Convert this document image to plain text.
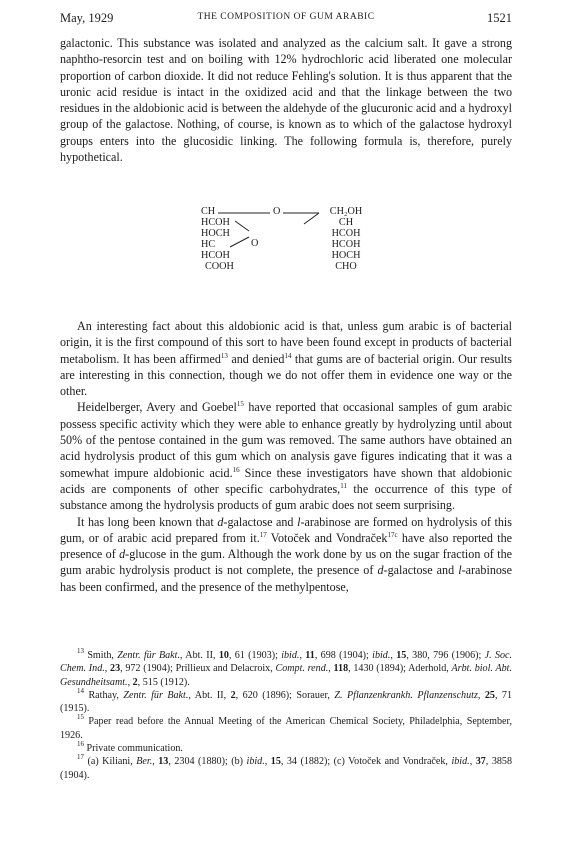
May, 1929	THE COMPOSITION OF GUM ARABIC	1521

galactonic. This substance was isolated and analyzed as the calcium salt. It gave a strong naphtho-resorcin test and on boiling with 12% hydrochloric acid liberated one molecular proportion of carbon dioxide. It did not reduce Fehling's solution. It is thus apparent that the uronic acid residue is intact in the oxidized acid and that the linkage between the two residues in the aldobionic acid is between the aldehyde of the glucuronic acid and a hydroxyl group of the galactose. Nothing, of course, is known as to which of the galactose hydroxyl groups enters into the glucosidic linking. The following formula is, therefore, purely hypothetical.

CH
HCOH
HOCH
HC
HCOH
COOH
O
O
CH₂OH
CH
HCOH
HCOH
HOCH
CHO

An interesting fact about this aldobionic acid is that, unless gum arabic is of bacterial origin, it is the first compound of this sort to have been found except in products of bacterial metabolism. It has been affirmed$^{13}$ and denied$^{14}$ that gums are of bacterial origin. Our results are interesting in this connection, though we do not offer them in evidence one way or the other.

Heidelberger, Avery and Goebel$^{15}$ have reported that occasional samples of gum arabic possess specific activity which they were able to enhance greatly by hydrolyzing until about 50% of the pentose contained in the gum was removed. The same authors have obtained an acid hydrolysis product of this gum which on analysis gave figures indicating that it was a somewhat impure aldobionic acid.$^{16}$ Since these investigators have shown that aldobionic acids are components of other specific carbohydrates,$^{11}$ the occurrence of this type of substance among the hydrolysis products of gum arabic does not seem surprising.

It has long been known that d-galactose and l-arabinose are formed on hydrolysis of this gum, or of arabic acid prepared from it.$^{17}$ Votoček and Vondraček$^{17c}$ have also reported the presence of d-glucose in the gum. Although the work done by us on the sugar fraction of the gum arabic hydrolysis product is not complete, the presence of d-galactose and l-arabinose has been confirmed, and the presence of the methylpentose,

$^{13}$ Smith, Zentr. für Bakt., Abt. II, 10, 61 (1903); ibid., 11, 698 (1904); ibid., 15, 380, 796 (1906); J. Soc. Chem. Ind., 23, 972 (1904); Prillieux and Delacroix, Compt. rend., 118, 1430 (1894); Aderhold, Arbt. biol. Abt. Gesundheitsamt., 2, 515 (1912).

$^{14}$ Rathay, Zentr. für Bakt., Abt. II, 2, 620 (1896); Sorauer, Z. Pflanzenkrankh. Pflanzenschutz, 25, 71 (1915).

$^{15}$ Paper read before the Annual Meeting of the American Chemical Society, Philadelphia, September, 1926.

$^{16}$ Private communication.

$^{17}$ (a) Kiliani, Ber., 13, 2304 (1880); (b) ibid., 15, 34 (1882); (c) Votoček and Vondraček, ibid., 37, 3858 (1904).
